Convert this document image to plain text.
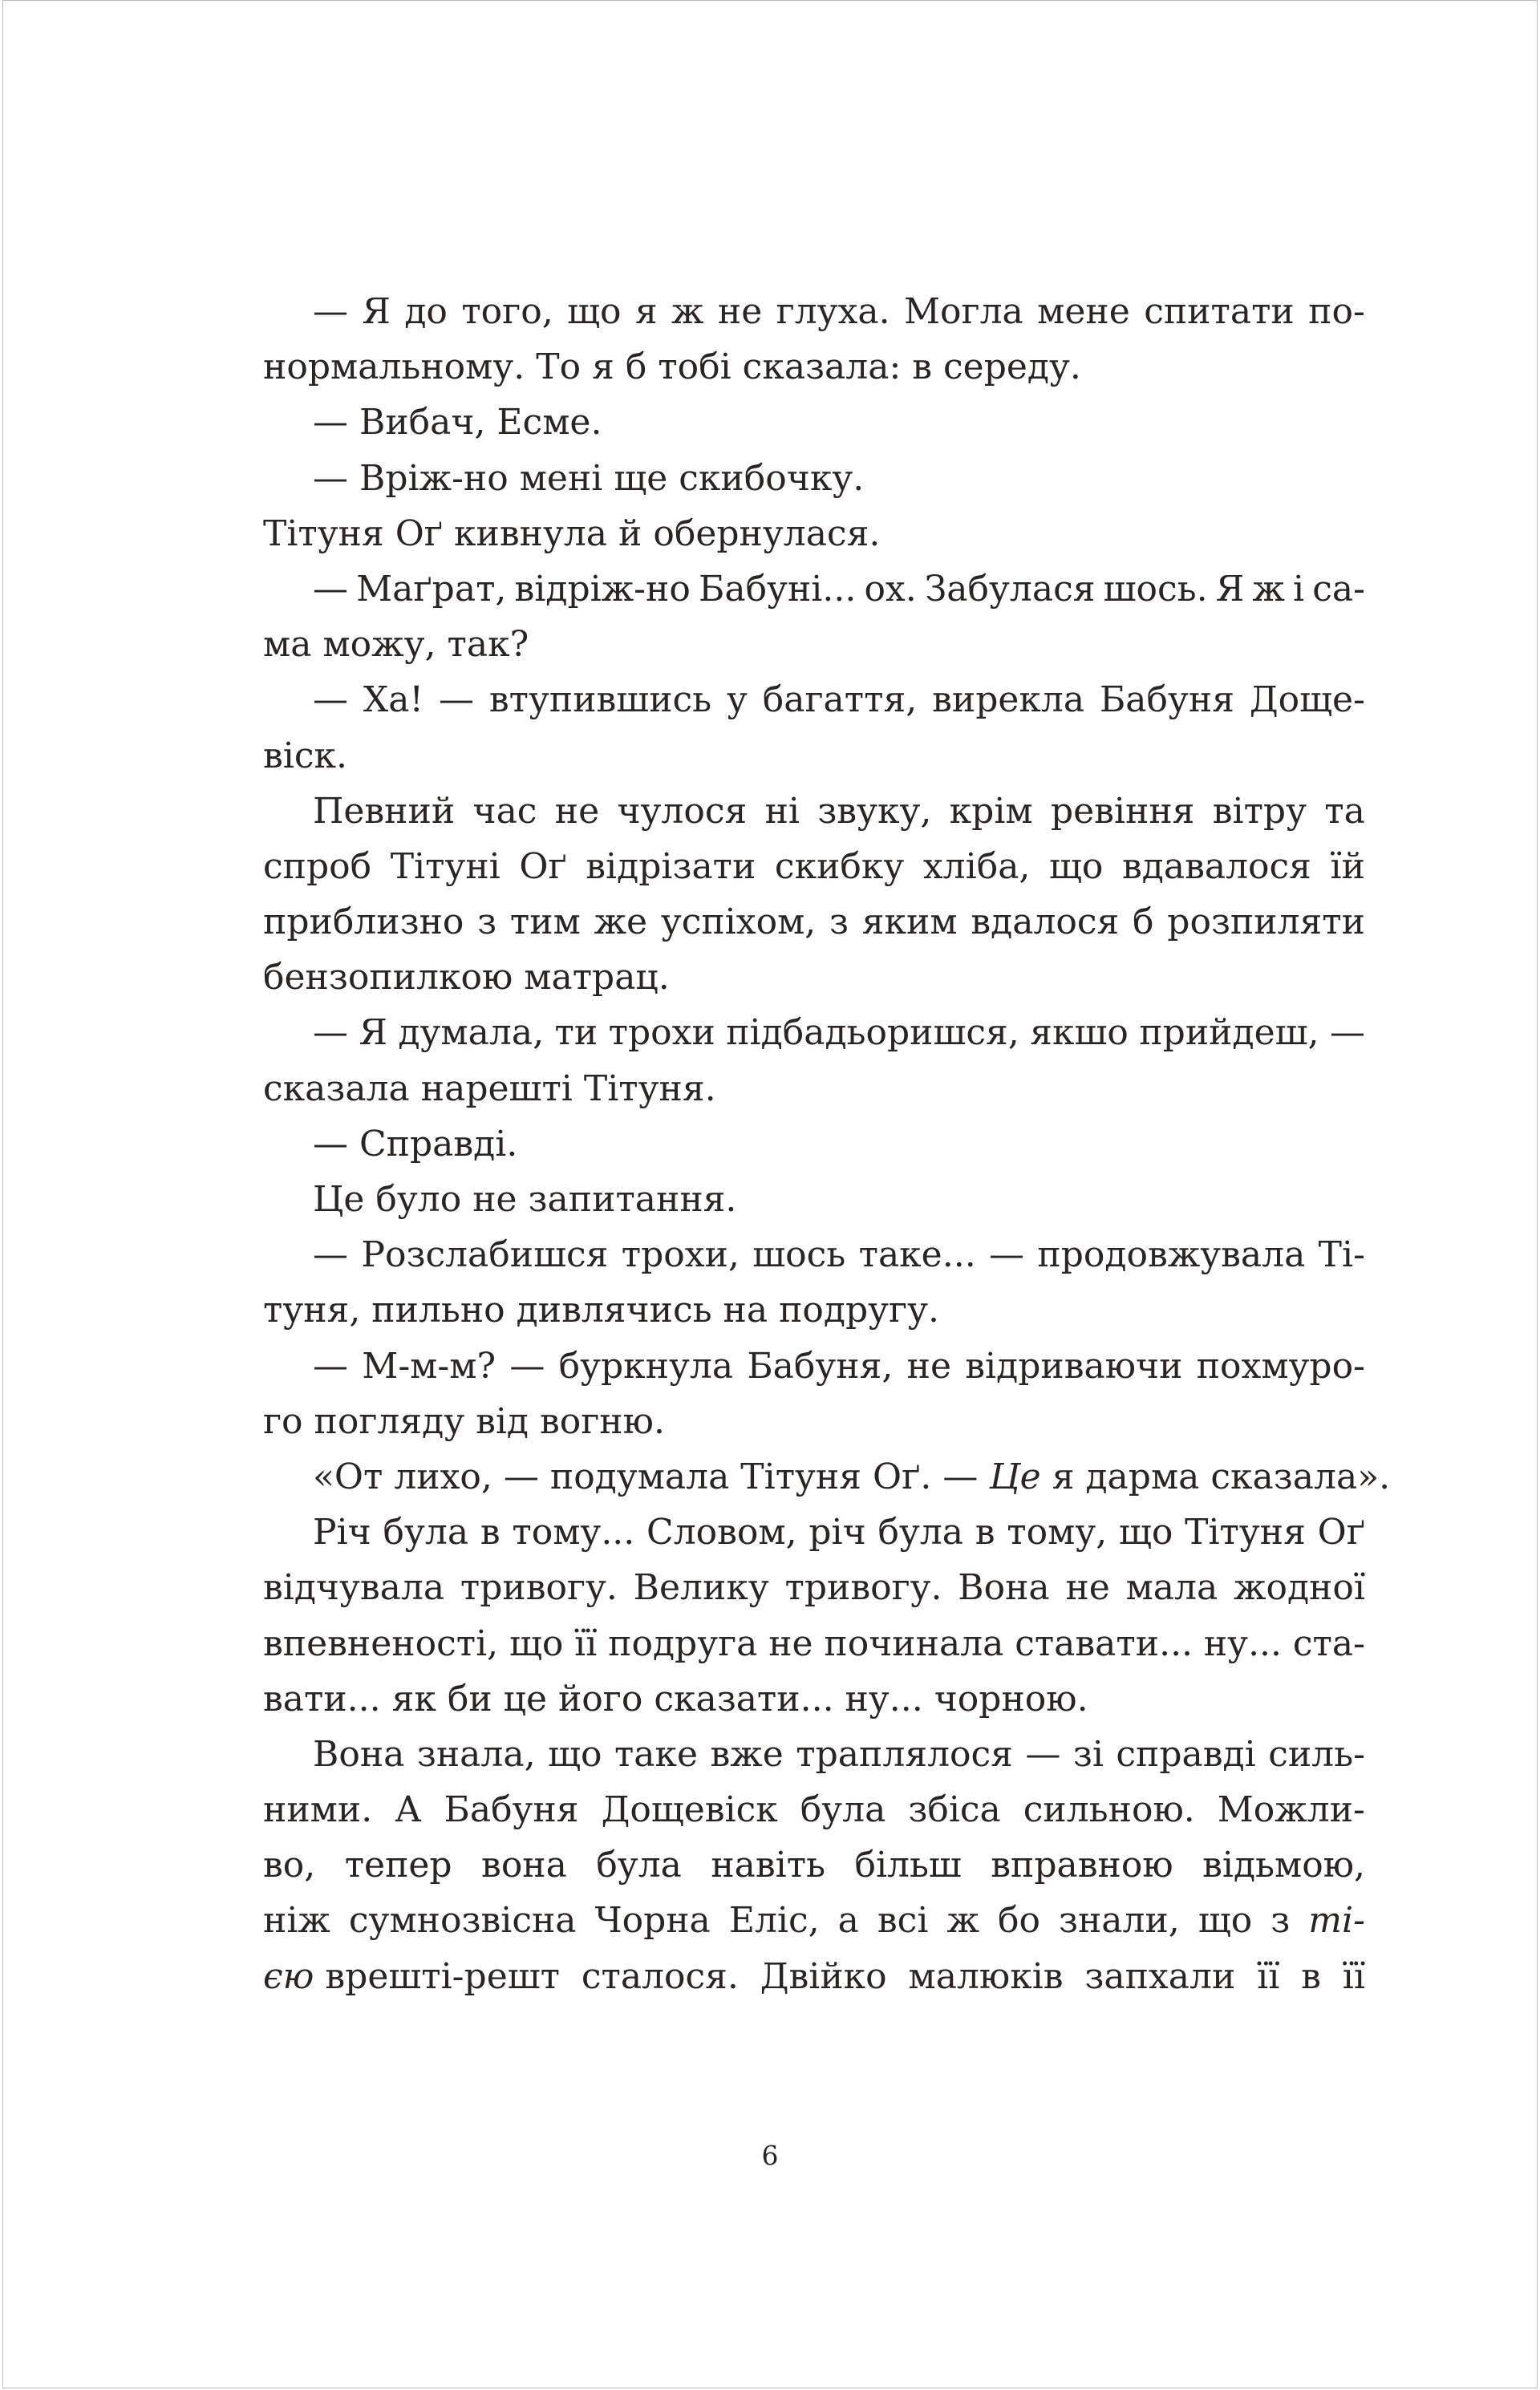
— Я до того, що я ж не глуха. Могла мене спитати по-
нормальному. То я б тобі сказала: в середу.
— Вибач, Есме.
— Вріж-но мені ще скибочку.
Тітуня Оґ кивнула й обернулася.
— Маґрат, відріж-но Бабуні... ох. Забулася шось. Я ж і са-
ма можу, так?
— Ха! — втупившись у багаття, вирекла Бабуня Доще-
віск.
Певний час не чулося ні звуку, крім ревіння вітру та
спроб Тітуні Оґ відрізати скибку хліба, що вдавалося їй
приблизно з тим же успіхом, з яким вдалося б розпиляти
бензопилкою матрац.
— Я думала, ти трохи підбадьоришся, якшо прийдеш, —
сказала нарешті Тітуня.
— Справді.
Це було не запитання.
— Розслабишся трохи, шось таке... — продовжувала Ті-
туня, пильно дивлячись на подругу.
— М-м-м? — буркнула Бабуня, не відриваючи похмуро-
го погляду від вогню.
«От лихо, — подумала Тітуня Оґ. — Це я дарма сказала».
Річ була в тому... Словом, річ була в тому, що Тітуня Оґ
відчувала тривогу. Велику тривогу. Вона не мала жодної
впевненості, що її подруга не починала ставати... ну... ста-
вати... як би це його сказати... ну... чорною.
Вона знала, що таке вже траплялося — зі справді силь-
ними. А Бабуня Дощевіск була збіса сильною. Можли-
во, тепер вона була навіть більш вправною відьмою,
ніж сумнозвісна Чорна Еліс, а всі ж бо знали, що з ті-
єю врешті-решт сталося. Двійко малюків запхали її в її
6
